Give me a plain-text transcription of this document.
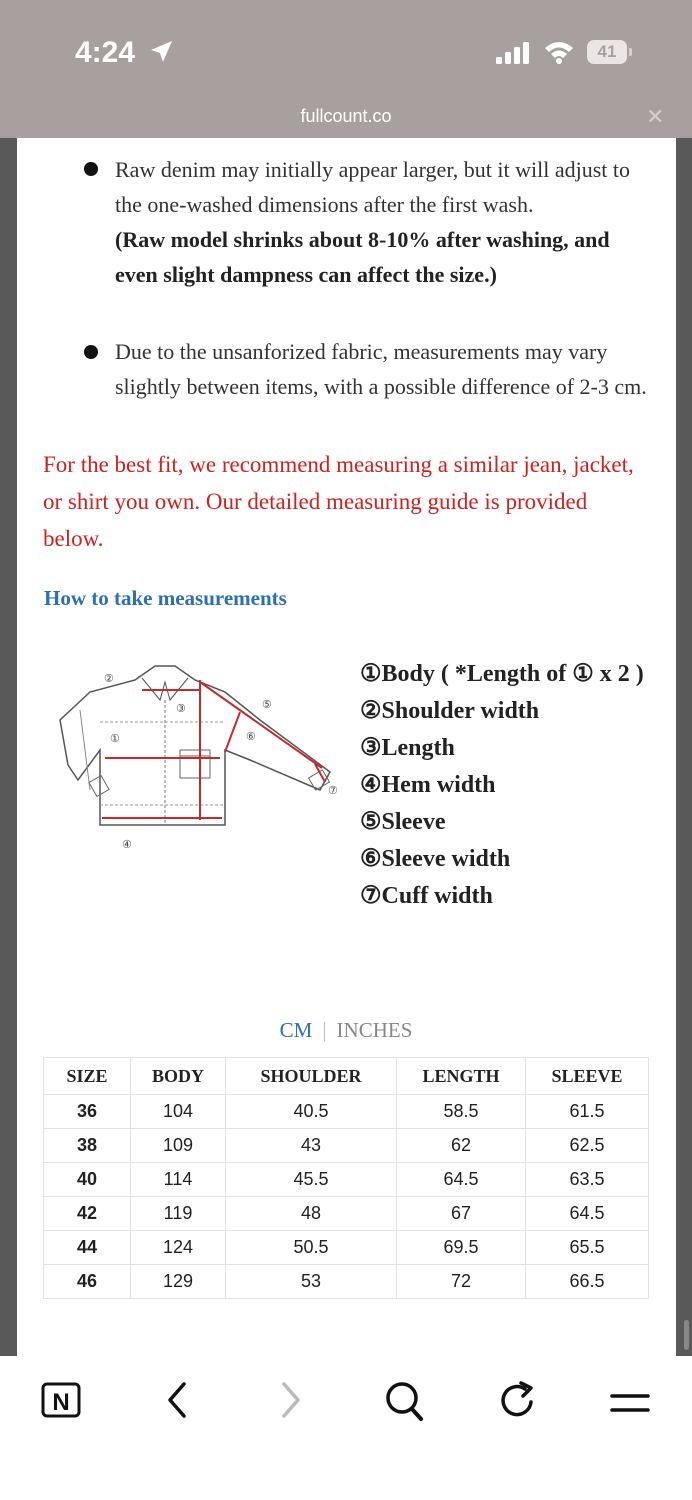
4:24	41
fullcount.co	✕
Raw denim may initially appear larger, but it will adjust to the one-washed dimensions after the first wash.
(Raw model shrinks about 8-10% after washing, and even slight dampness can affect the size.)
Due to the unsanforized fabric, measurements may vary slightly between items, with a possible difference of 2-3 cm.
For the best fit, we recommend measuring a similar jean, jacket, or shirt you own. Our detailed measuring guide is provided below.
How to take measurements
②
③
①
④
⑤
⑥
⑦
①Body ( *Length of ① x 2 )
②Shoulder width
③Length
④Hem width
⑤Sleeve
⑥Sleeve width
⑦Cuff width
CM | INCHES
SIZE	BODY	SHOULDER	LENGTH	SLEEVE
36	104	40.5	58.5	61.5
38	109	43	62	62.5
40	114	45.5	64.5	63.5
42	119	48	67	64.5
44	124	50.5	69.5	65.5
46	129	53	72	66.5
N
